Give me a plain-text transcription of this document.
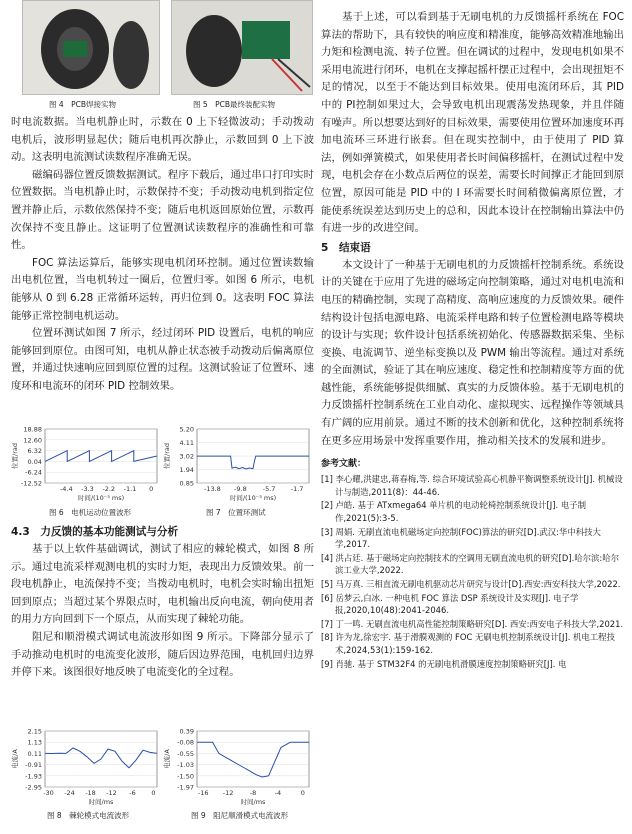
图 4　PCB焊接实物	图 5　PCB最终装配实物

时电流数据。当电机静止时，示数在 0 上下轻微波动；手动拨动电机后，波形明显起伏；随后电机再次静止，示数回到 0 上下波动。这表明电流测试读数程序准确无误。

磁编码器位置反馈数据测试。程序下载后，通过串口打印实时位置数据。当电机静止时，示数保持不变；手动拨动电机到指定位置并静止后，示数依然保持不变；随后电机返回原始位置，示数再次保持不变且静止。这证明了位置测试读数程序的准确性和可靠性。

FOC 算法运算后，能够实现电机闭环控制。通过位置读数输出电机位置，当电机转过一圈后，位置归零。如图 6 所示，电机能够从 0 到 6.28 正常循环运转，再归位到 0。这表明 FOC 算法能够正常控制电机运动。

位置环测试如图 7 所示，经过闭环 PID 设置后，电机的响应能够回到原位。由图可知，电机从静止状态被手动拨动后偏离原位置，并通过快速响应回到原位置的过程。这测试验证了位置环、速度环和电流环的闭环 PID 控制效果。

18.88
12.60
6.32
0.04
-6.24
-12.52
-4.4 -3.3 -2.2 -1.1 0
时间/(10⁻³ ms)
位置/rad
5.20
4.11
3.02
1.94
0.85
-13.8 -9.8 -5.7 -1.7
时间/(10⁻³ ms)
位置/rad
图 6　电机运动位置波形	图 7　位置环测试

4.3　力反馈的基本功能测试与分析

基于以上软件基础调试，测试了相应的棘轮模式，如图 8 所示。通过电流采样观测电机的实时力矩，表现出力反馈效果。前一段电机静止，电流保持不变；当拨动电机时，电机会实时输出扭矩回到原点；当超过某个界限点时，电机输出反向电流，朝向使用者的用力方向回到下一个原点，从而实现了棘轮功能。

阻尼和顺滑模式调试电流波形如图 9 所示。下降部分显示了手动推动电机时的电流变化波形，随后因边界范围，电机回归边界并停下来。该图很好地反映了电流变化的全过程。

2.15
1.13
0.11
-0.91
-1.93
-2.95
-30 -24 -18 -12 -6 0
时间/ms
电流/A
0.39
-0.08
-0.55
-1.03
-1.50
-1.97
-16 -12	-8	-4	0
时间/ms
电流/A
图 8　棘轮模式电流波形	图 9　阻尼顺滑模式电流波形

基于上述，可以看到基于无刷电机的力反馈摇杆系统在 FOC 算法的帮助下，具有较快的响应度和精准度，能够高效精准地输出力矩和检测电流、转子位置。但在调试的过程中，发现电机如果不采用电流进行闭环，电机在支撑起摇杆摆正过程中，会出现扭矩不足的情况，以至于不能达到目标效果。使用电流闭环后，其 PID 中的 PI控制如果过大，会导致电机出现震荡发热现象，并且伴随有噪声。所以想要达到好的目标效果，需要使用位置环加速度环再加电流环三环进行嵌套。但在现实控制中，由于使用了 PID 算法，例如弹簧模式，如果使用者长时间偏移摇杆，在测试过程中发现，电机会存在小数点后两位的误差，需要长时间撑正才能回到原位置，原因可能是 PID 中的 I 环需要长时间稍微偏离原位置，才能使系统误差达到历史上的总和，因此本设计在控制输出算法中仍有进一步的改进空间。

5　结束语

本文设计了一种基于无刷电机的力反馈摇杆控制系统。系统设计的关键在于应用了先进的磁场定向控制策略，通过对电机电流和电压的精确控制，实现了高精度、高响应速度的力反馈效果。硬件结构设计包括电源电路、电流采样电路和转子位置检测电路等模块的设计与实现；软件设计包括系统初始化、传感器数据采集、坐标变换、电流调节、逆坐标变换以及 PWM 输出等流程。通过对系统的全面测试，验证了其在响应速度、稳定性和控制精度等方面的优越性能，系统能够提供细腻、真实的力反馈体验。基于无刷电机的力反馈摇杆控制系统在工业自动化、虚拟现实、远程操作等领域具有广阔的应用前景。通过不断的技术创新和优化，这种控制系统将在更多应用场景中发挥重要作用，推动相关技术的发展和进步。

参考文献：

[1] 李心耀,洪建忠,蒋春梅,等. 综合环境试验高心机静平衡调整系统设计[J]. 机械设计与制造,2011(8)：44-46.

[2] 卢皓. 基于 ATxmega64 单片机的电动轮椅控制系统设计[J]. 电子制作,2021(5):3-5.

[3] 周娟. 无刷直流电机磁场定向控制(FOC)算法的研究[D].武汉:华中科技大学,2017.

[4] 洪占廷. 基于磁场定向控制技术的空调用无刷直流电机的研究[D].哈尔滨:哈尔滨工业大学,2022.

[5] 马万真. 三相直流无刷电机驱动芯片研究与设计[D].西安:西安科技大学,2022.

[6] 岳梦云,白冰. 一种电机 FOC 算法 DSP 系统设计及实现[J]. 电子学报,2020,10(48):2041-2046.

[7] 丁一鸣. 无刷直流电机高性能控制策略研究[D]. 西安:西安电子科技大学,2021.

[8] 许为龙,徐宏宇. 基于滑膜观测的 FOC 无刷电机控制系统设计[J]. 机电工程技术,2024,53(1):159-162.

[9] 肖驰. 基于 STM32F4 的无刷电机滑膜速度控制策略研究[J]. 电
